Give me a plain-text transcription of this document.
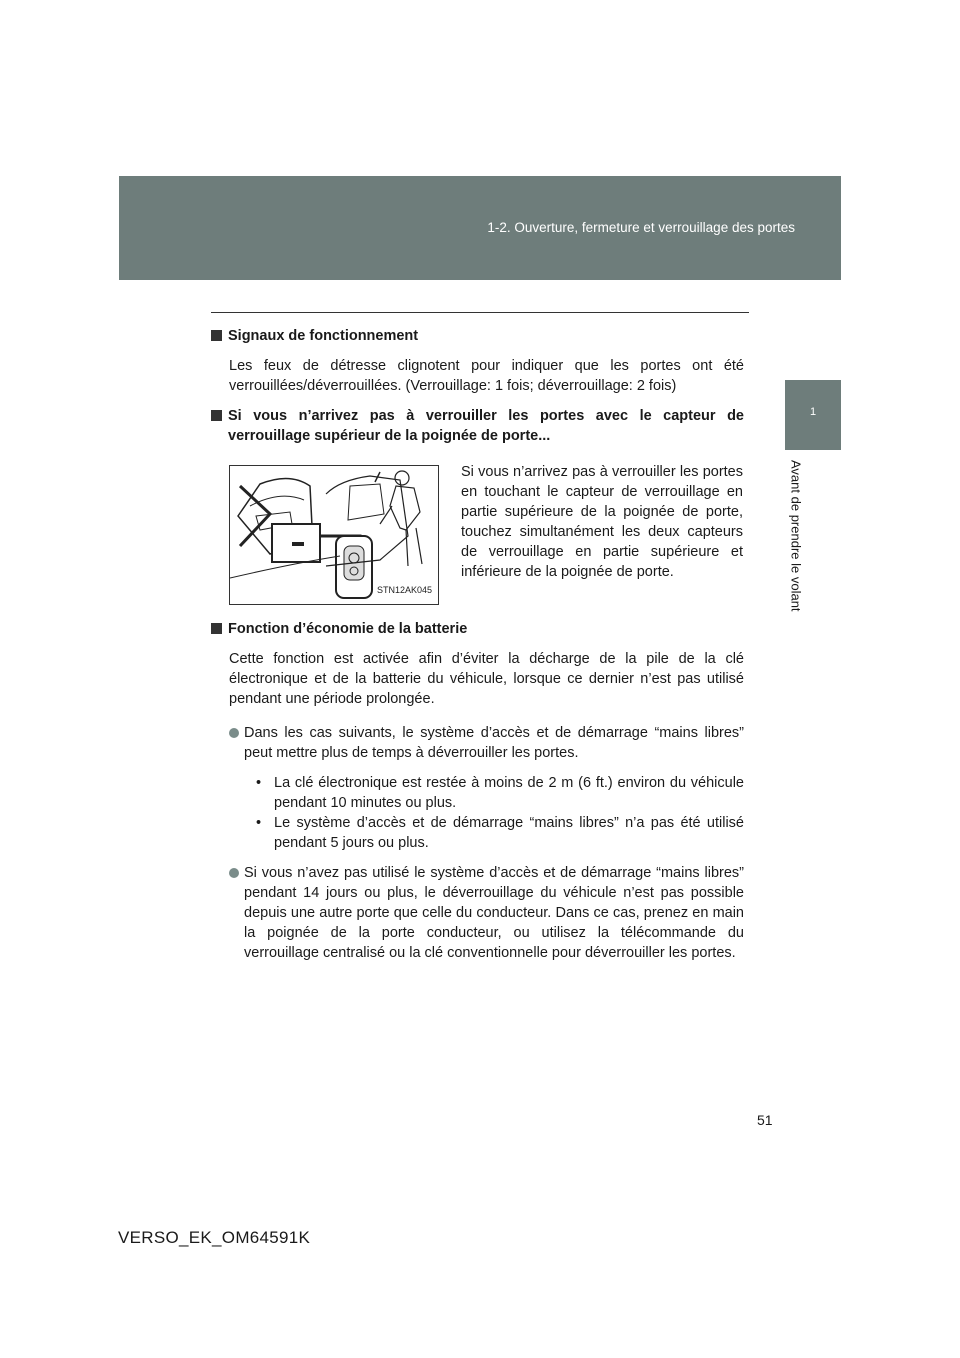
1-2. Ouverture, fermeture et verrouillage des portes
1
Avant de prendre le volant
Signaux de fonctionnement
Les feux de détresse clignotent pour indiquer que les portes ont été verrouillées/déverrouillées. (Verrouillage: 1 fois; déverrouillage: 2 fois)
Si vous n’arrivez pas à verrouiller les portes avec le capteur de verrouillage supérieur de la poignée de porte...
STN12AK045
Si vous n’arrivez pas à verrouiller les portes en touchant le capteur de verrouillage en partie supérieure de la poignée de porte, touchez simultanément les deux capteurs de verrouillage en partie supérieure et inférieure de la poignée de porte.
Fonction d’économie de la batterie
Cette fonction est activée afin d’éviter la décharge de la pile de la clé électronique et de la batterie du véhicule, lorsque ce dernier n’est pas utilisé pendant une période prolongée.
Dans les cas suivants, le système d’accès et de démarrage “mains libres” peut mettre plus de temps à déverrouiller les portes.
• La clé électronique est restée à moins de 2 m (6 ft.) environ du véhicule pendant 10 minutes ou plus.
• Le système d’accès et de démarrage “mains libres” n’a pas été utilisé pendant 5 jours ou plus.
Si vous n’avez pas utilisé le système d’accès et de démarrage “mains libres” pendant 14 jours ou plus, le déverrouillage du véhicule n’est pas possible depuis une autre porte que celle du conducteur. Dans ce cas, prenez en main la poignée de la porte conducteur, ou utilisez la télécommande du verrouillage centralisé ou la clé conventionnelle pour déverrouiller les portes.
51
VERSO_EK_OM64591K
